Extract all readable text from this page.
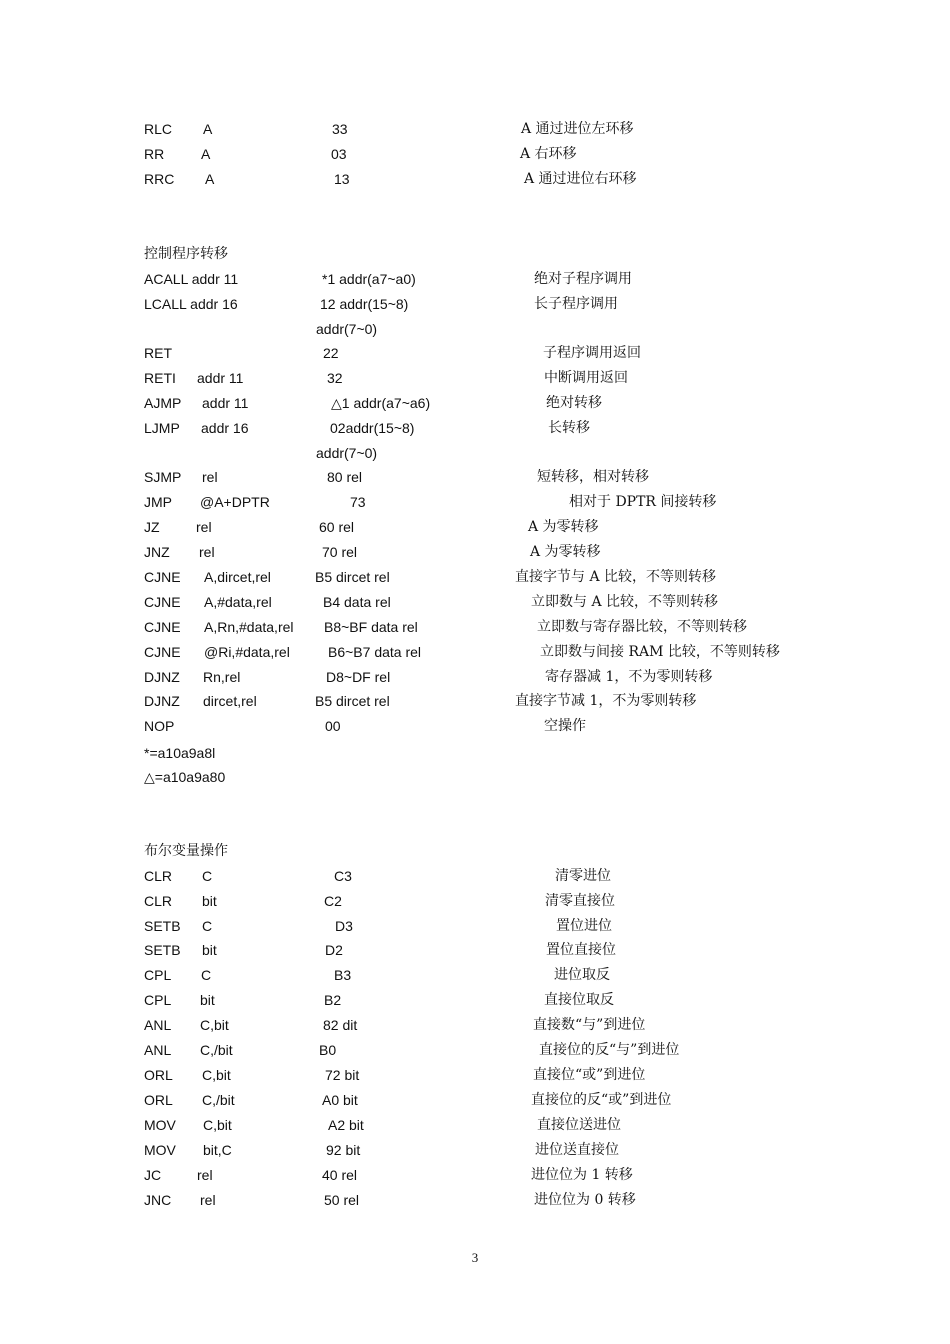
RLC A	33	A 通过进位左环移
RR	A	03	A 右环移
RRC A	13	A 通过进位右环移
控制程序转移
ACALL addr 11	*1 addr(a7~a0)	绝对子程序调用
LCALL addr 16	12 addr(15~8)	长子程序调用
addr(7~0)
RET	22	子程序调用返回
RETI addr 11	32	中断调用返回
AJMP addr 11	△1 addr(a7~a6)	绝对转移
LJMP addr 16	02addr(15~8)	长转移
addr(7~0)
SJMP rel	80 rel	短转移，相对转移
JMP @A+DPTR	73	相对于 DPTR 间接转移
JZ	rel	60 rel	A 为零转移
JNZ rel	70 rel	A 为零转移
CJNE A,dircet,rel	B5 dircet rel	直接字节与 A 比较，不等则转移
CJNE A,#data,rel	B4 data rel	立即数与 A 比较，不等则转移
CJNE A,Rn,#data,rel B8~BF data rel	立即数与寄存器比较，不等则转移
CJNE @Ri,#data,rel	B6~B7 data rel	立即数与间接 RAM 比较，不等则转移
DJNZ Rn,rel	D8~DF rel	寄存器减 1，不为零则转移
DJNZ dircet,rel	B5 dircet rel	直接字节减 1，不为零则转移
NOP	00	空操作
*=a10a9a8l
△=a10a9a80
布尔变量操作
CLR C	C3	清零进位
CLR bit	C2	清零直接位
SETB C	D3	置位进位
SETB bit	D2	置位直接位
CPL C	B3	进位取反
CPL bit	B2	直接位取反
ANL C,bit	82 dit	直接数“与”到进位
ANL C,/bit	B0	直接位的反“与”到进位
ORL C,bit	72 bit	直接位“或”到进位
ORL C,/bit	A0 bit	直接位的反“或”到进位
MOV C,bit	A2 bit	直接位送进位
MOV bit,C	92 bit	进位送直接位
JC	rel	40 rel	进位位为 1 转移
JNC rel	50 rel	进位位为 0 转移
3
